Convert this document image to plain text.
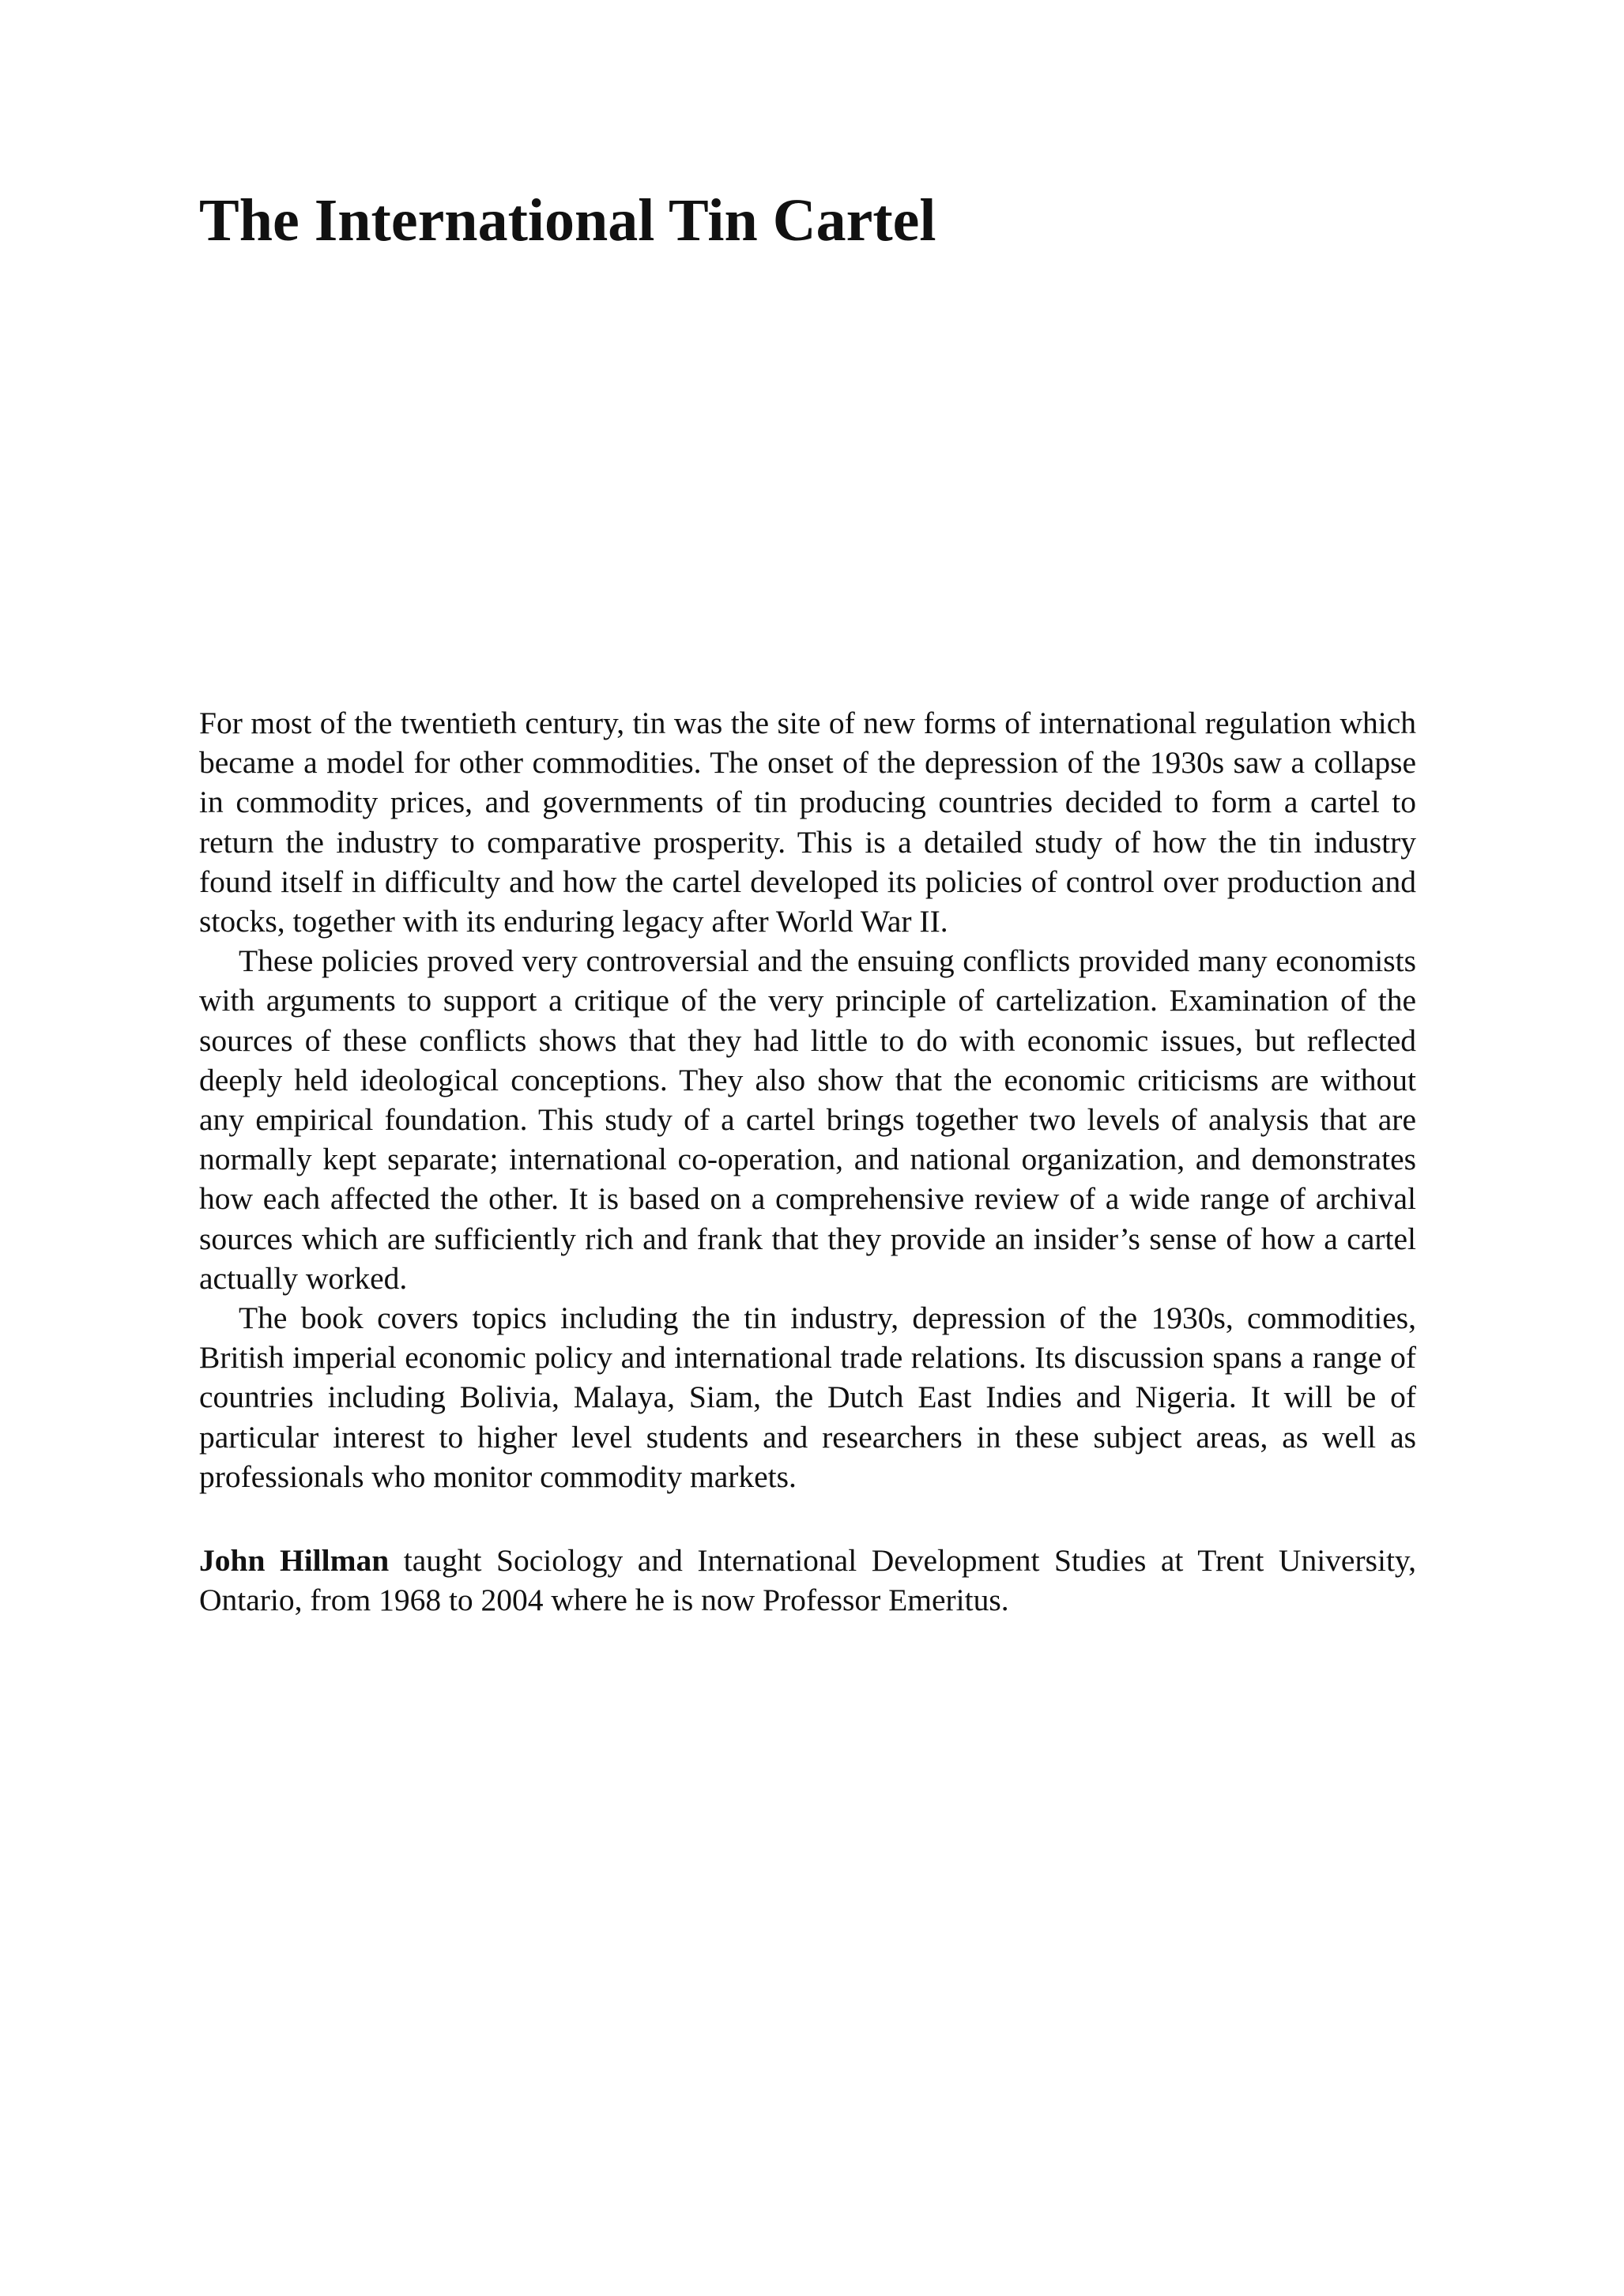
The International Tin Cartel

For most of the twentieth century, tin was the site of new forms of international regulation which became a model for other commodities. The onset of the depression of the 1930s saw a collapse in commodity prices, and governments of tin producing countries decided to form a cartel to return the industry to comparative prosperity. This is a detailed study of how the tin industry found itself in difficulty and how the cartel developed its policies of control over production and stocks, together with its enduring legacy after World War II.

These policies proved very controversial and the ensuing conflicts provided many economists with arguments to support a critique of the very principle of cartelization. Examination of the sources of these conflicts shows that they had little to do with economic issues, but reflected deeply held ideological conceptions. They also show that the economic criticisms are without any empirical foundation. This study of a cartel brings together two levels of analysis that are normally kept separate; international co-operation, and national organization, and demonstrates how each affected the other. It is based on a comprehensive review of a wide range of archival sources which are sufficiently rich and frank that they provide an insider’s sense of how a cartel actually worked.

The book covers topics including the tin industry, depression of the 1930s, commodities, British imperial economic policy and international trade relations. Its discussion spans a range of countries including Bolivia, Malaya, Siam, the Dutch East Indies and Nigeria. It will be of particular interest to higher level students and researchers in these subject areas, as well as professionals who monitor commodity markets.

John Hillman taught Sociology and International Development Studies at Trent University, Ontario, from 1968 to 2004 where he is now Professor Emeritus.
